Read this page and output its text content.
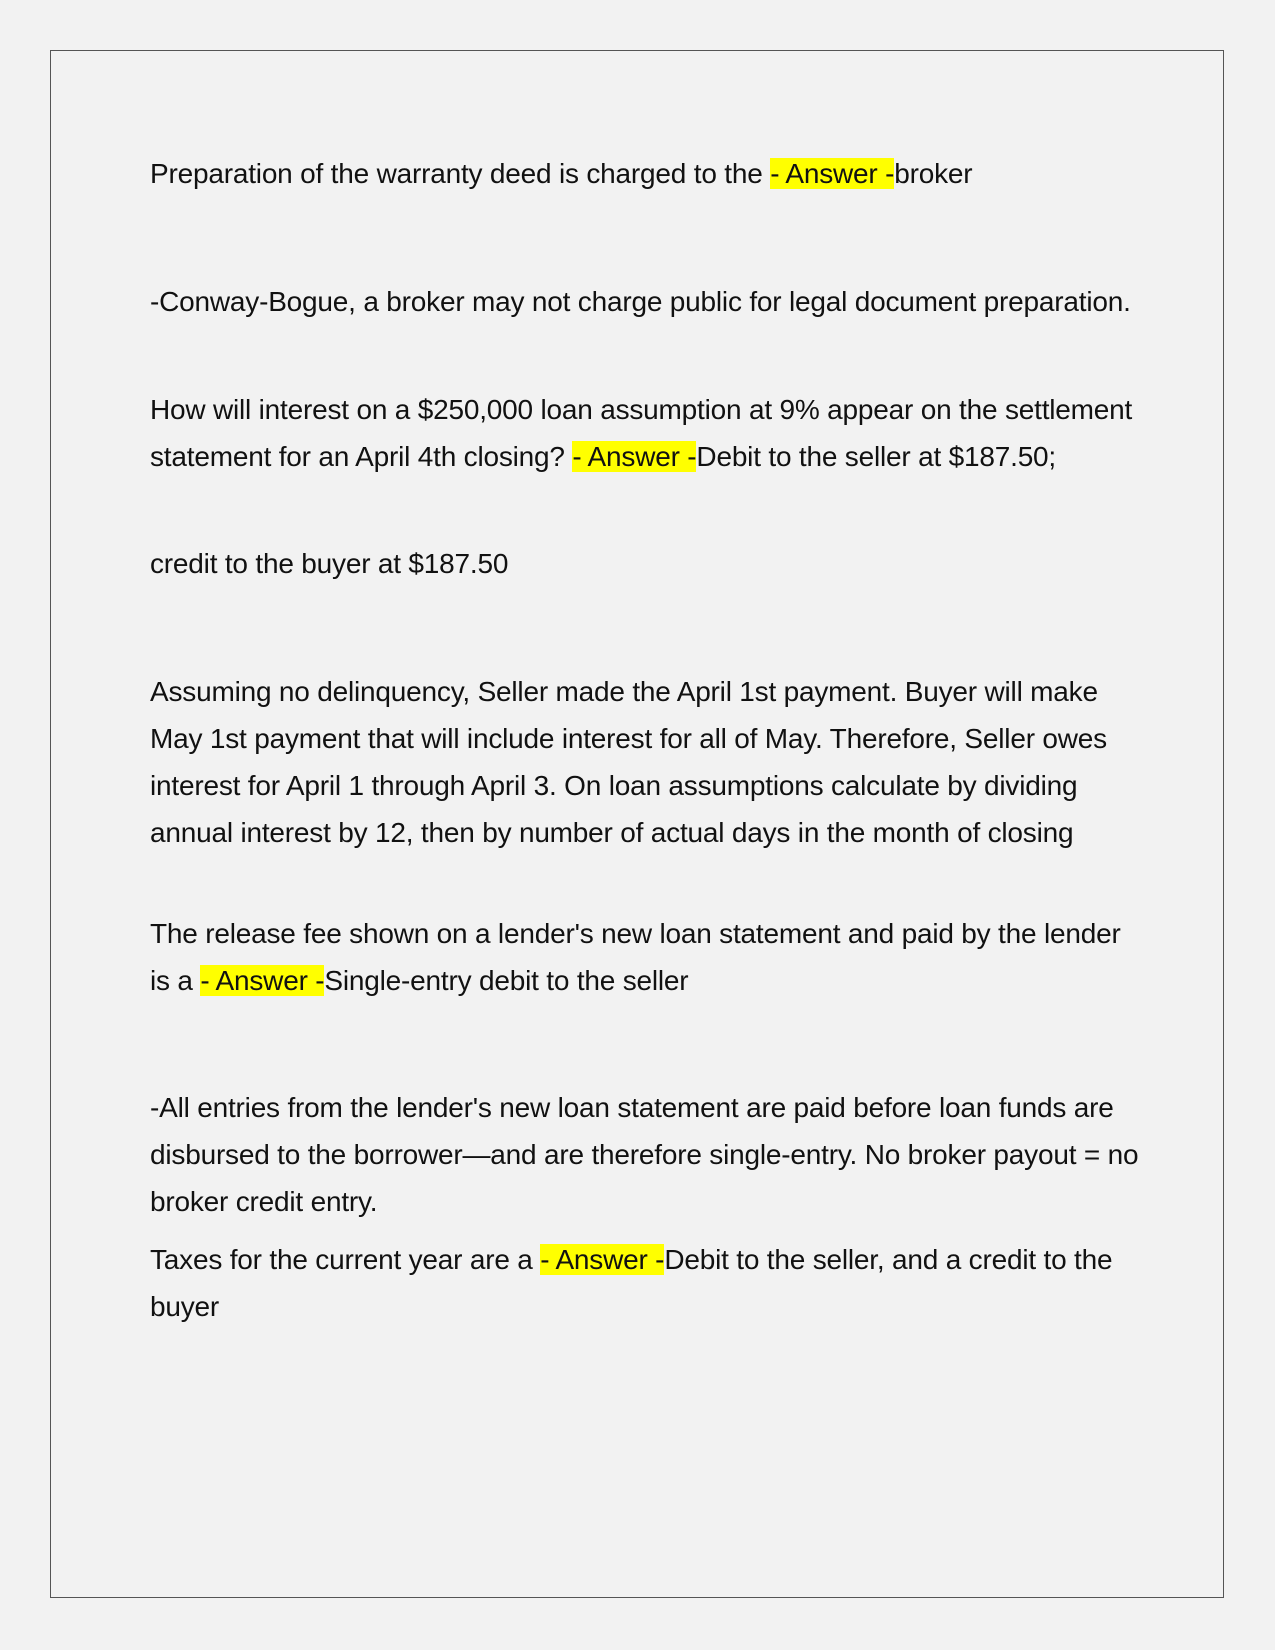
Preparation of the warranty deed is charged to the - Answer -broker

-Conway-Bogue, a broker may not charge public for legal document preparation.

How will interest on a $250,000 loan assumption at 9% appear on the settlement statement for an April 4th closing? - Answer -Debit to the seller at $187.50;

credit to the buyer at $187.50

Assuming no delinquency, Seller made the April 1st payment. Buyer will make May 1st payment that will include interest for all of May. Therefore, Seller owes interest for April 1 through April 3. On loan assumptions calculate by dividing annual interest by 12, then by number of actual days in the month of closing

The release fee shown on a lender's new loan statement and paid by the lender is a - Answer -Single-entry debit to the seller

-All entries from the lender's new loan statement are paid before loan funds are disbursed to the borrower—and are therefore single-entry. No broker payout = no broker credit entry.

Taxes for the current year are a - Answer -Debit to the seller, and a credit to the buyer
